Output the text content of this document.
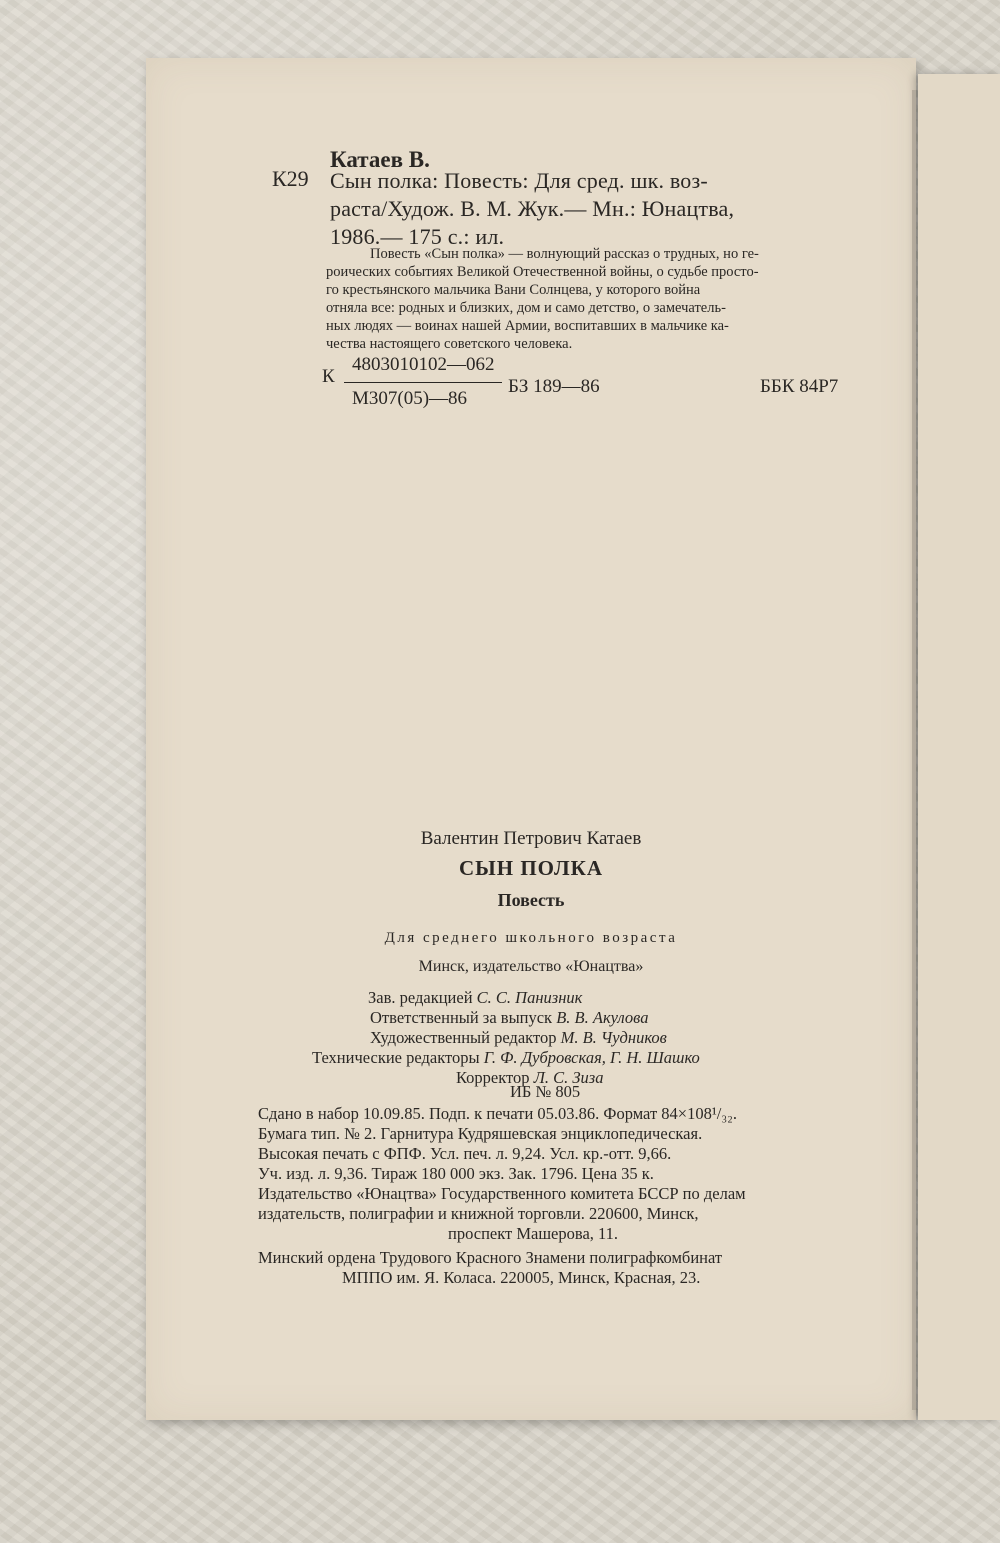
Катаев В.
К29 Сын полка: Повесть: Для сред. шк. воз-
раста/Худож. В. М. Жук.— Мн.: Юнацтва,
1986.— 175 с.: ил.
Повесть «Сын полка» — волнующий рассказ о трудных, но ге-
роических событиях Великой Отечественной войны, о судьбе просто-
го крестьянского мальчика Вани Солнцева, у которого война
отняла все: родных и близких, дом и само детство, о замечатель-
ных людях — воинах нашей Армии, воспитавших в мальчике ка-
чества настоящего советского человека.
4803010102—062
К
М307(05)—86
БЗ 189—86	ББК 84Р7
Валентин Петрович Катаев
СЫН ПОЛКА
Повесть
Для среднего школьного возраста
Минск, издательство «Юнацтва»
Зав. редакцией С. С. Панизник
Ответственный за выпуск В. В. Акулова
Художественный редактор М. В. Чудников
Технические редакторы Г. Ф. Дубровская, Г. Н. Шашко
Корректор Л. С. Зиза
ИБ № 805
Сдано в набор 10.09.85. Подп. к печати 05.03.86. Формат 84×108¹/₃₂.
Бумага тип. № 2. Гарнитура Кудряшевская энциклопедическая.
Высокая печать с ФПФ. Усл. печ. л. 9,24. Усл. кр.-отт. 9,66.
Уч. изд. л. 9,36. Тираж 180 000 экз. Зак. 1796. Цена 35 к.
Издательство «Юнацтва» Государственного комитета БССР по делам
издательств, полиграфии и книжной торговли. 220600, Минск,
проспект Машерова, 11.
Минский ордена Трудового Красного Знамени полиграфкомбинат
МППО им. Я. Коласа. 220005, Минск, Красная, 23.
